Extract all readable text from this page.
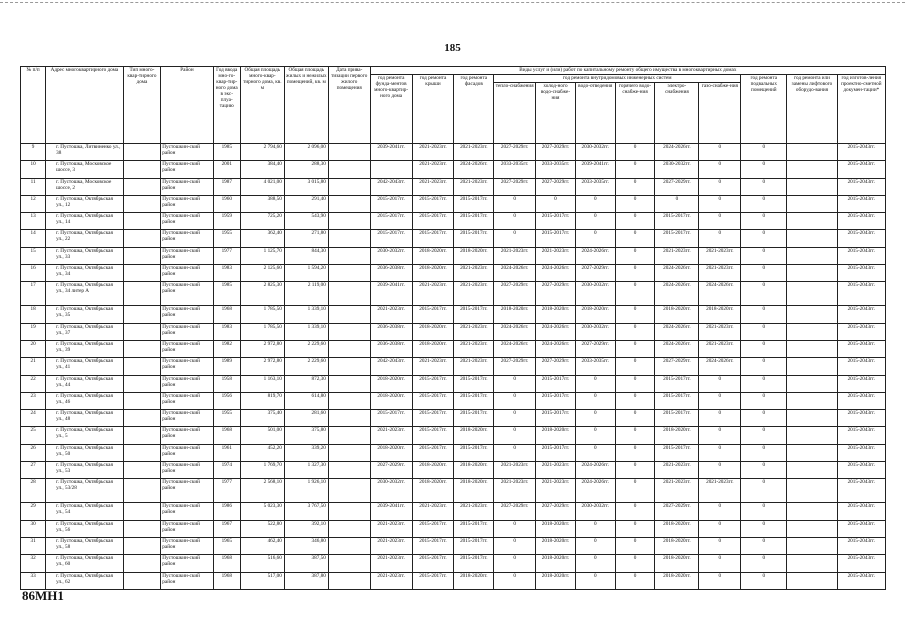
185
№ п/п	Адрес многоквартирного дома	Тип много-квар-тирного дома	Район	Год ввода мно-го-квар-тир-ного дома в экс-плуа-тацию	Общая площадь много-квар-тирного дома, кв. м	Общая площадь жилых и нежилых помещений, кв. м	Дата прива-тизации первого жилого помещения	Виды услуг и (или) работ по капитальному ремонту общего имущества в многоквартирных домах											
								год ремонта фунда-ментов много-квартир-ного дома	год ремонта крыши	год ремонта фасадов	год ремонта внутридомовых инженерных систем						год ремонта подвальных помещений	год ремонта или замены лифтового оборудо-вания	год изготов-ления проектно-сметной докумен-тации*
											тепло-снабжения	холод-ного водо-снабже-ния	водо-отведения	горячего водо-снабже-ния	электро-снабжения	газо-снабже-ния			
9	г. Пустошка, Литвиненко ул., 38		Пустошкин-ский район	1985	2 794,60	2 096,00		2039-2041гг.	2021-2023гг.	2021-2023гг.	2027-2029гг.	2027-2029гг.	2030-2032гг.	0	2024-2026гг.	0	0		2015-2043гг.
10	г. Пустошка, Московское шоссе, 3		Пустошкин-ский район	2001	384,40	288,30			2021-2023гг.	2024-2026гг.	2033-2035гг.	2033-2035гг.	2039-2041гг.	0	2030-2032гг.	0	0		2015-2043гг.
11	г. Пустошка, Московское шоссе, 2		Пустошкин-ский район	1987	4 021,00	3 015,80		2042-2043гг.	2021-2023гг.	2021-2023гг.	2027-2029гг.	2027-2029гг.	2033-2035гг.	0	2027-2029гг.	0	0		2015-2043гг.
12	г. Пустошка, Октябрьская ул., 12		Пустошкин-ский район	1960	388,50	291,40		2015-2017гг.	2015-2017гг.	2015-2017гг.	0	0	0	0	0	0	0		2015-2043гг.
13	г. Пустошка, Октябрьская ул., 14		Пустошкин-ский район	1959	725,20	543,90		2015-2017гг.	2015-2017гг.	2015-2017гг.	0	2015-2017гг.	0	0	2015-2017гг.	0	0		2015-2043гг.
14	г. Пустошка, Октябрьская ул., 22		Пустошкин-ский район	1955	362,40	271,80		2015-2017гг.	2015-2017гг.	2015-2017гг.	0	2015-2017гг.	0	0	2015-2017гг.	0	0		2015-2043гг.
15	г. Пустошка, Октябрьская ул., 33		Пустошкин-ский район	1977	1 125,70	844,30		2030-2032гг.	2018-2020гг.	2018-2020гг.	2021-2023гг.	2021-2023гг.	2024-2026гг.	0	2021-2023гг.	2021-2023гг.	0		2015-2043гг.
16	г. Пустошка, Октябрьская ул., 34		Пустошкин-ский район	1983	2 125,60	1 594,20		2036-2038гг.	2018-2020гг.	2021-2023гг.	2024-2026гг.	2024-2026гг.	2027-2029гг.	0	2024-2026гг.	2021-2023гг.	0		2015-2043гг.
17	г. Пустошка, Октябрьская ул., 34 литер А		Пустошкин-ский район	1985	2 825,30	2 119,00		2039-2041гг.	2021-2023гг.	2021-2023гг.	2027-2029гг.	2027-2029гг.	2030-2032гг.	0	2024-2026гг.	2024-2026гг.	0		2015-2043гг.
18	г. Пустошка, Октябрьская ул., 35		Пустошкин-ский район	1968	1 785,50	1 339,10		2021-2023гг.	2015-2017гг.	2015-2017гг.	2018-2020гг.	2018-2020гг.	2018-2020гг.	0	2018-2020гг.	2018-2020гг.	0		2015-2043гг.
19	г. Пустошка, Октябрьская ул., 37		Пустошкин-ский район	1983	1 785,50	1 339,10		2036-2038гг.	2018-2020гг.	2021-2023гг.	2024-2026гг.	2024-2026гг.	2030-2032гг.	0	2024-2026гг.	2021-2023гг.	0		2015-2043гг.
20	г. Пустошка, Октябрьская ул., 39		Пустошкин-ский район	1982	2 972,80	2 229,60		2036-2038гг.	2018-2020гг.	2021-2023гг.	2024-2026гг.	2024-2026гг.	2027-2029гг.	0	2024-2026гг.	2021-2023гг.	0		2015-2043гг.
21	г. Пустошка, Октябрьская ул., 41		Пустошкин-ский район	1989	2 972,80	2 229,60		2042-2043гг.	2021-2023гг.	2021-2023гг.	2027-2029гг.	2027-2029гг.	2033-2035гг.	0	2027-2029гг.	2024-2026гг.	0		2015-2043гг.
22	г. Пустошка, Октябрьская ул., 44		Пустошкин-ский район	1958	1 163,10	872,30		2018-2020гг.	2015-2017гг.	2015-2017гг.	0	2015-2017гг.	0	0	2015-2017гг.	0	0		2015-2043гг.
23	г. Пустошка, Октябрьская ул., 46		Пустошкин-ский район	1956	819,70	614,80		2018-2020гг.	2015-2017гг.	2015-2017гг.	0	2015-2017гг.	0	0	2015-2017гг.	0	0		2015-2043гг.
24	г. Пустошка, Октябрьская ул., 48		Пустошкин-ский район	1955	375,40	281,60		2015-2017гг.	2015-2017гг.	2015-2017гг.	0	2015-2017гг.	0	0	2015-2017гг.	0	0		2015-2043гг.
25	г. Пустошка, Октябрьская ул., 5		Пустошкин-ский район	1968	501,00	375,80		2021-2023гг.	2015-2017гг.	2018-2020гг.	0	2018-2020гг.	0	0	2018-2020гг.	0	0		2015-2043гг.
26	г. Пустошка, Октябрьская ул., 50		Пустошкин-ский район	1961	452,20	339,20		2018-2020гг.	2015-2017гг.	2015-2017гг.	0	2015-2017гг.	0	0	2015-2017гг.	0	0		2015-2043гг.
27	г. Пустошка, Октябрьская ул., 53		Пустошкин-ский район	1974	1 769,70	1 327,30		2027-2029гг.	2018-2020гг.	2018-2020гг.	2021-2023гг.	2021-2023гг.	2024-2026гг.	0	2021-2023гг.	0	0		2015-2043гг.
28	г. Пустошка, Октябрьская ул., 53/28		Пустошкин-ский район	1977	2 568,10	1 926,10		2030-2032гг.	2018-2020гг.	2018-2020гг.	2021-2023гг.	2021-2023гг.	2024-2026гг.	0	2021-2023гг.	2021-2023гг.	0		2015-2043гг.
29	г. Пустошка, Октябрьская ул., 54		Пустошкин-ский район	1986	5 023,30	3 767,50		2039-2041гг.	2021-2023гг.	2021-2023гг.	2027-2029гг.	2027-2029гг.	2030-2032гг.	0	2027-2029гг.	0	0		2015-2043гг.
30	г. Пустошка, Октябрьская ул., 56		Пустошкин-ский район	1967	522,80	392,10		2021-2023гг.	2015-2017гг.	2015-2017гг.	0	2018-2020гг.	0	0	2018-2020гг.	0	0		2015-2043гг.
31	г. Пустошка, Октябрьская ул., 58		Пустошкин-ский район	1965	462,40	346,80		2021-2023гг.	2015-2017гг.	2015-2017гг.	0	2018-2020гг.	0	0	2018-2020гг.	0	0		2015-2043гг.
32	г. Пустошка, Октябрьская ул., 60		Пустошкин-ский район	1968	516,60	387,50		2021-2023гг.	2015-2017гг.	2015-2017гг.	0	2018-2020гг.	0	0	2018-2020гг.	0	0		2015-2043гг.
33	г. Пустошка, Октябрьская ул., 62		Пустошкин-ский район	1968	517,00	387,80		2021-2023гг.	2015-2017гг.	2018-2020гг.	0	2018-2020гг.	0	0	2018-2020гг.	0	0		2015-2043гг.
86МН1
